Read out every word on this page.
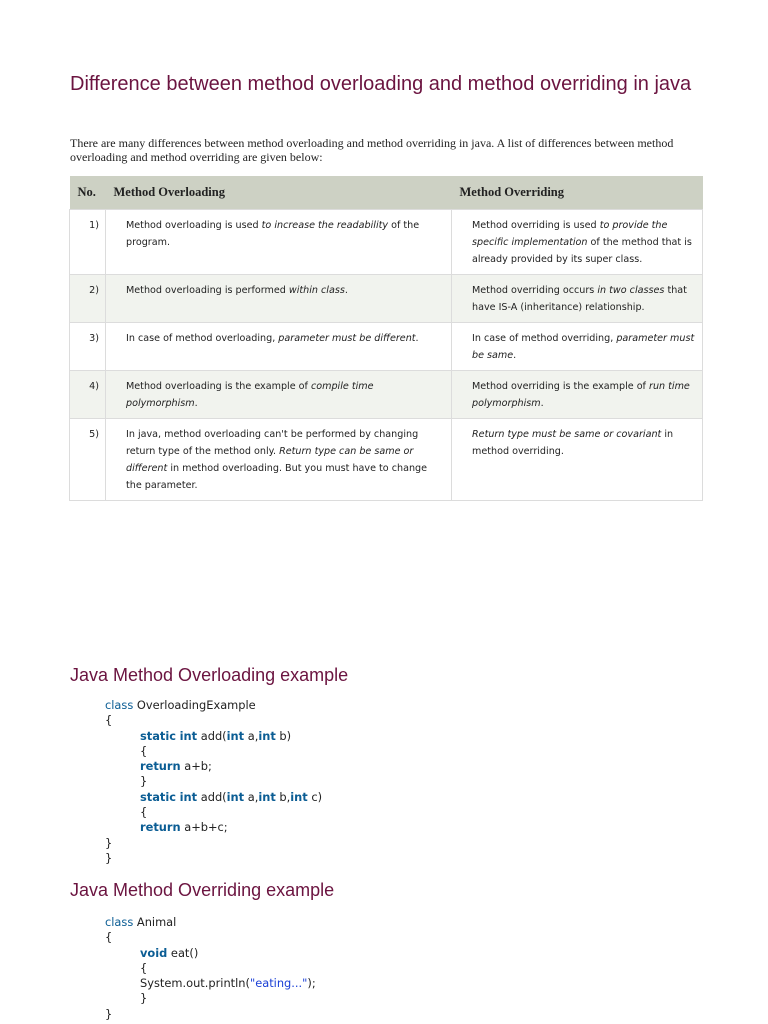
Difference between method overloading and method overriding in java

There are many differences between method overloading and method overriding in java. A list of differences between method overloading and method overriding are given below:

No.	Method Overloading	Method Overriding
1)	Method overloading is used to increase the readability of the program.	Method overriding is used to provide the specific implementation of the method that is already provided by its super class.
2)	Method overloading is performed within class.	Method overriding occurs in two classes that have IS-A (inheritance) relationship.
3)	In case of method overloading, parameter must be different.	In case of method overriding, parameter must be same.
4)	Method overloading is the example of compile time polymorphism.	Method overriding is the example of run time polymorphism.
5)	In java, method overloading can't be performed by changing return type of the method only. Return type can be same or different in method overloading. But you must have to change the parameter.	Return type must be same or covariant in method overriding.
Java Method Overloading example
class OverloadingExample
{
static int add(int a,int b)
{
return a+b;
}
static int add(int a,int b,int c)
{
return a+b+c;
}
}
Java Method Overriding example
class Animal
{
void eat()
{
System.out.println("eating...");
}
}
